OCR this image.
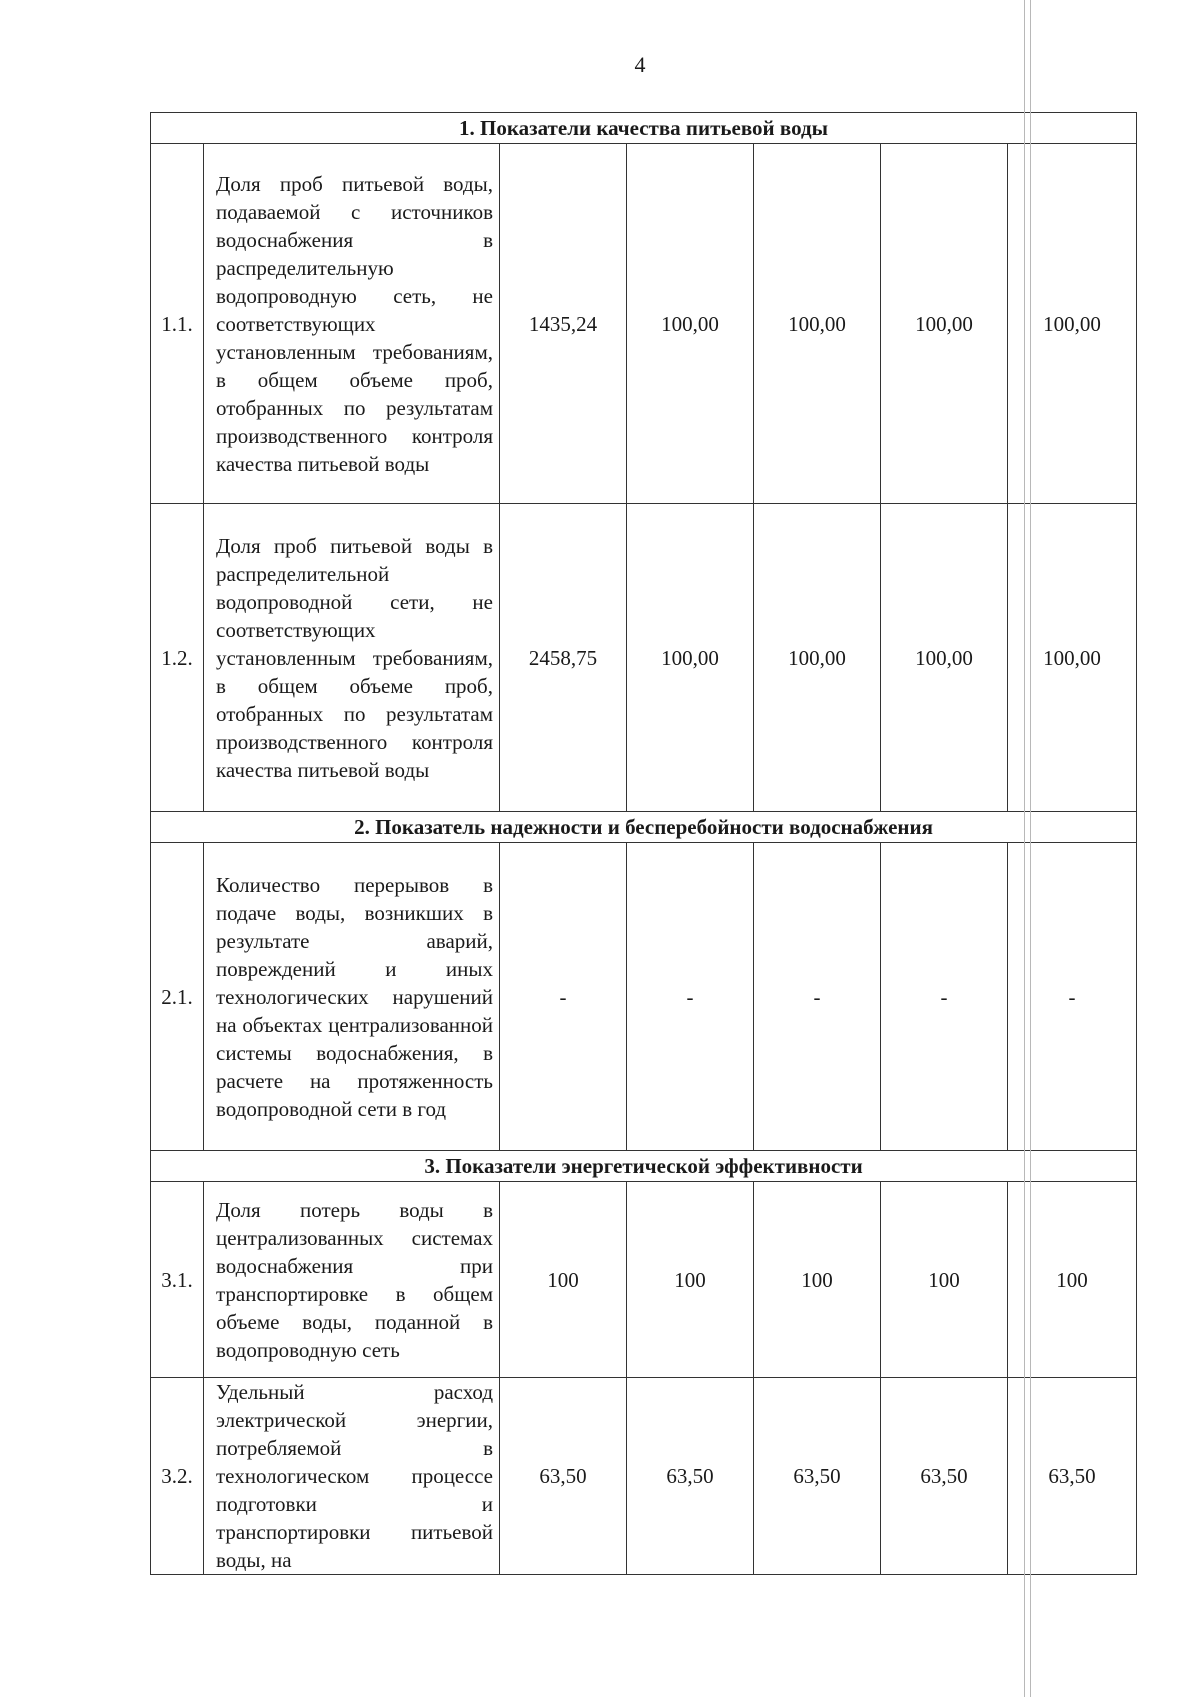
4
1. Показатели качества питьевой воды						
1.1.	Доля проб питьевой воды, подаваемой с источников водоснабжения в распределительную водопроводную сеть, не соответствующих установленным требованиям, в общем объеме проб, отобранных по результатам производственного контроля качества питьевой воды	1435,24	100,00	100,00	100,00	100,00
1.2.	Доля проб питьевой воды в распределительной водопроводной сети, не соответствующих установленным требованиям, в общем объеме проб, отобранных по результатам производственного контроля качества питьевой воды	2458,75	100,00	100,00	100,00	100,00
2. Показатель надежности и бесперебойности водоснабжения						
2.1.	Количество перерывов в подаче воды, возникших в результате аварий, повреждений и иных технологических нарушений на объектах централизованной системы водоснабжения, в расчете на протяженность водопроводной сети в год	-	-	-	-	-
3. Показатели энергетической эффективности						
3.1.	Доля потерь воды в централизованных системах водоснабжения при транспортировке в общем объеме воды, поданной в водопроводную сеть	100	100	100	100	100
3.2.	Удельный расход электрической энергии, потребляемой в технологическом процессе подготовки и транспортировки питьевой воды, на	63,50	63,50	63,50	63,50	63,50
